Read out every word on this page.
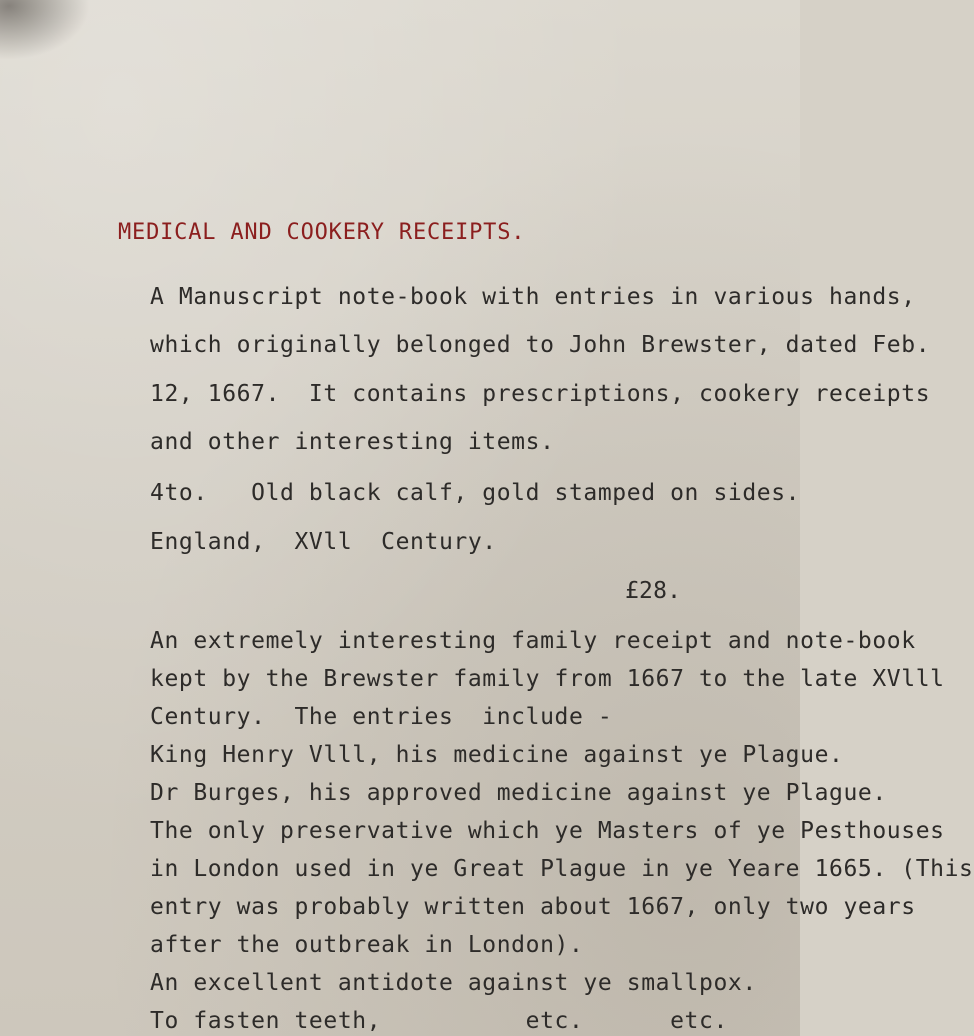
MEDICAL AND COOKERY RECEIPTS.
A Manuscript note-book with entries in various hands,
which originally belonged to John Brewster, dated Feb.
12, 1667.  It contains prescriptions, cookery receipts
and other interesting items.
4to.   Old black calf, gold stamped on sides.
England,  XVll  Century.
£28.
An extremely interesting family receipt and note-book
kept by the Brewster family from 1667 to the late XVlll
Century.  The entries  include -
King Henry Vlll, his medicine against ye Plague.
Dr Burges, his approved medicine against ye Plague.
The only preservative which ye Masters of ye Pesthouses
in London used in ye Great Plague in ye Yeare 1665. (This
entry was probably written about 1667, only two years
after the outbreak in London).
An excellent antidote against ye smallpox.
To fasten teeth,          etc.      etc.
